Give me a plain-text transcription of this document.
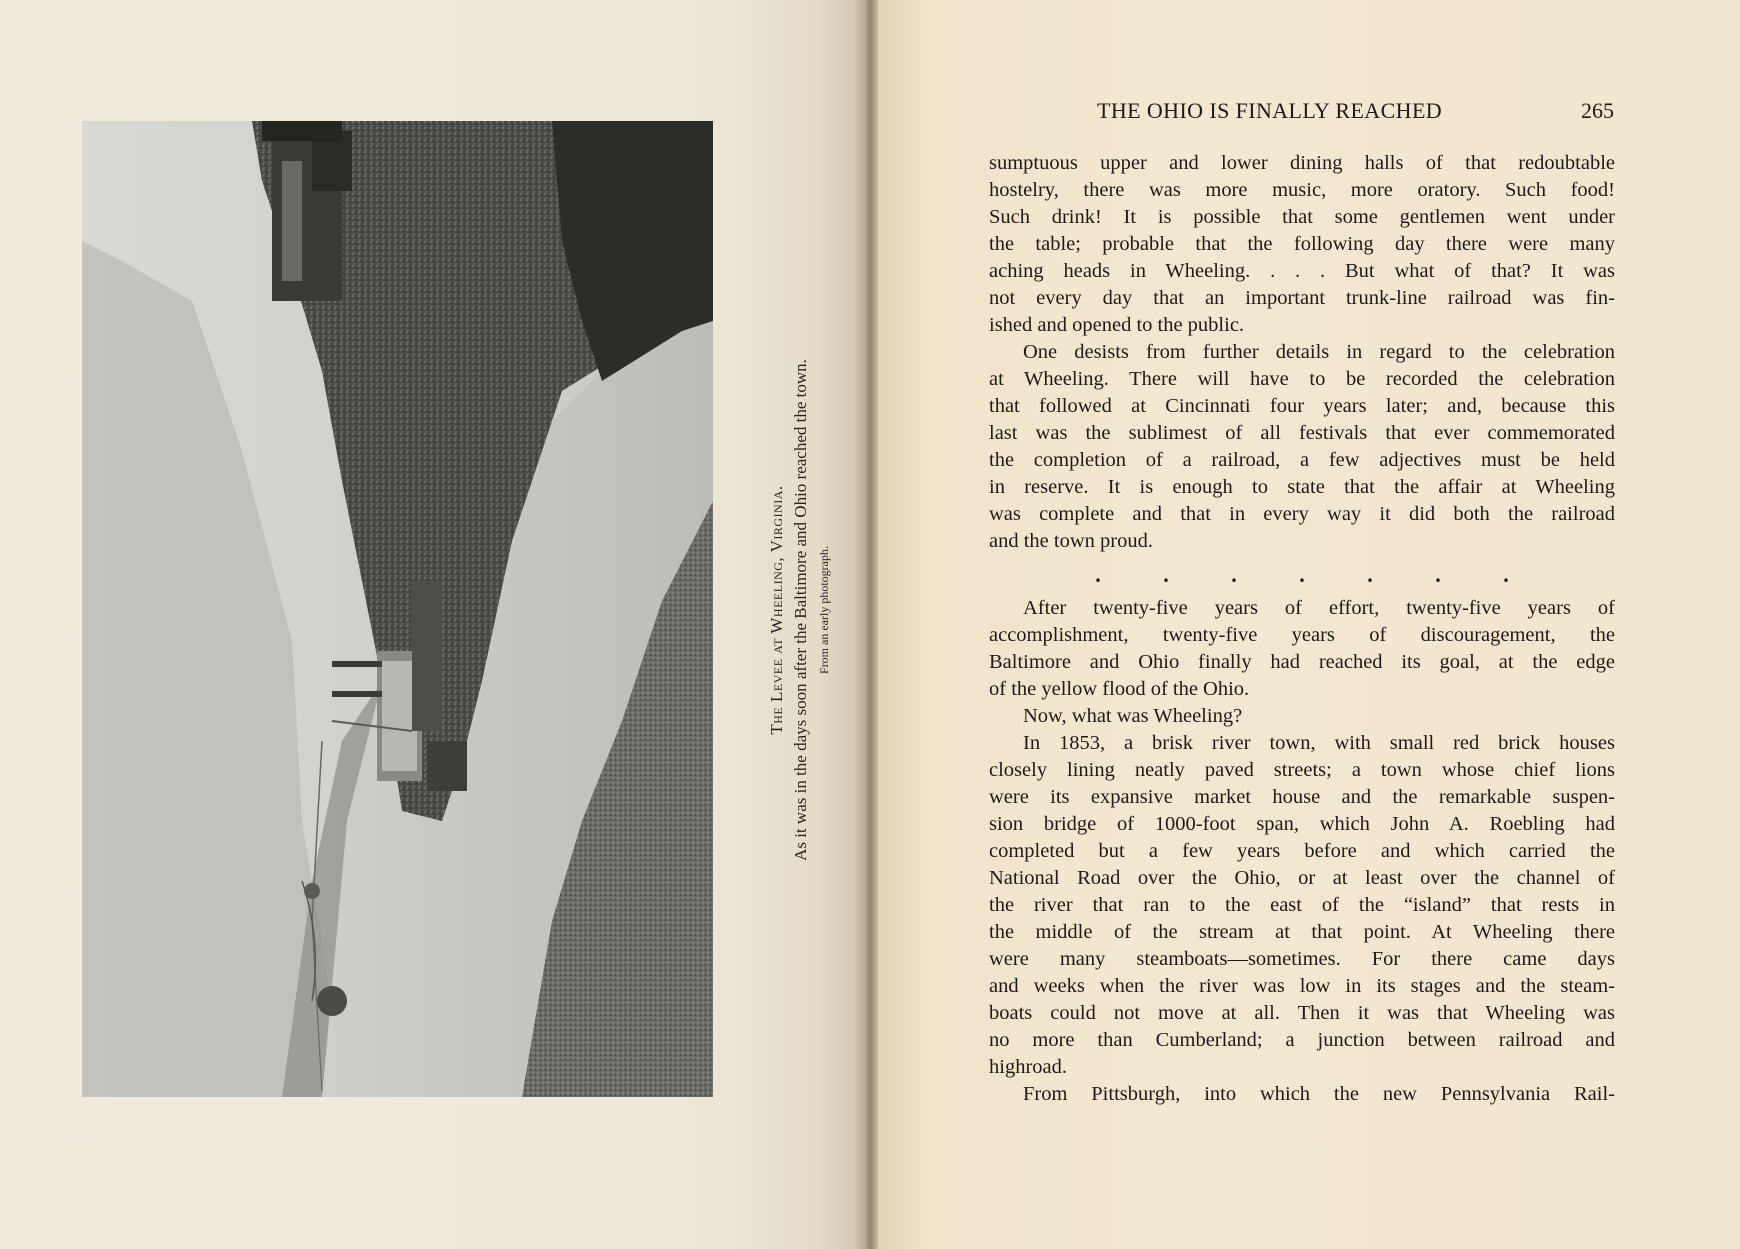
The Levee at Wheeling, Virginia. As it was in the days soon after the Baltimore and Ohio reached the town. From an early photograph.
THE OHIO IS FINALLY REACHED	265
sumptuous upper and lower dining halls of that redoubtable
hostelry, there was more music, more oratory. Such food!
Such drink! It is possible that some gentlemen went under
the table; probable that the following day there were many
aching heads in Wheeling. . . . But what of that? It was
not every day that an important trunk-line railroad was fin-
ished and opened to the public.
One desists from further details in regard to the celebration
at Wheeling. There will have to be recorded the celebration
that followed at Cincinnati four years later; and, because this
last was the sublimest of all festivals that ever commemorated
the completion of a railroad, a few adjectives must be held
in reserve. It is enough to state that the affair at Wheeling
was complete and that in every way it did both the railroad
and the town proud.
.	.	.	.	.	.	.
After twenty-five years of effort, twenty-five years of
accomplishment, twenty-five years of discouragement, the
Baltimore and Ohio finally had reached its goal, at the edge
of the yellow flood of the Ohio.
Now, what was Wheeling?
In 1853, a brisk river town, with small red brick houses
closely lining neatly paved streets; a town whose chief lions
were its expansive market house and the remarkable suspen-
sion bridge of 1000-foot span, which John A. Roebling had
completed but a few years before and which carried the
National Road over the Ohio, or at least over the channel of
the river that ran to the east of the “island” that rests in
the middle of the stream at that point. At Wheeling there
were many steamboats—sometimes. For there came days
and weeks when the river was low in its stages and the steam-
boats could not move at all. Then it was that Wheeling was
no more than Cumberland; a junction between railroad and
highroad.
From Pittsburgh, into which the new Pennsylvania Rail-
